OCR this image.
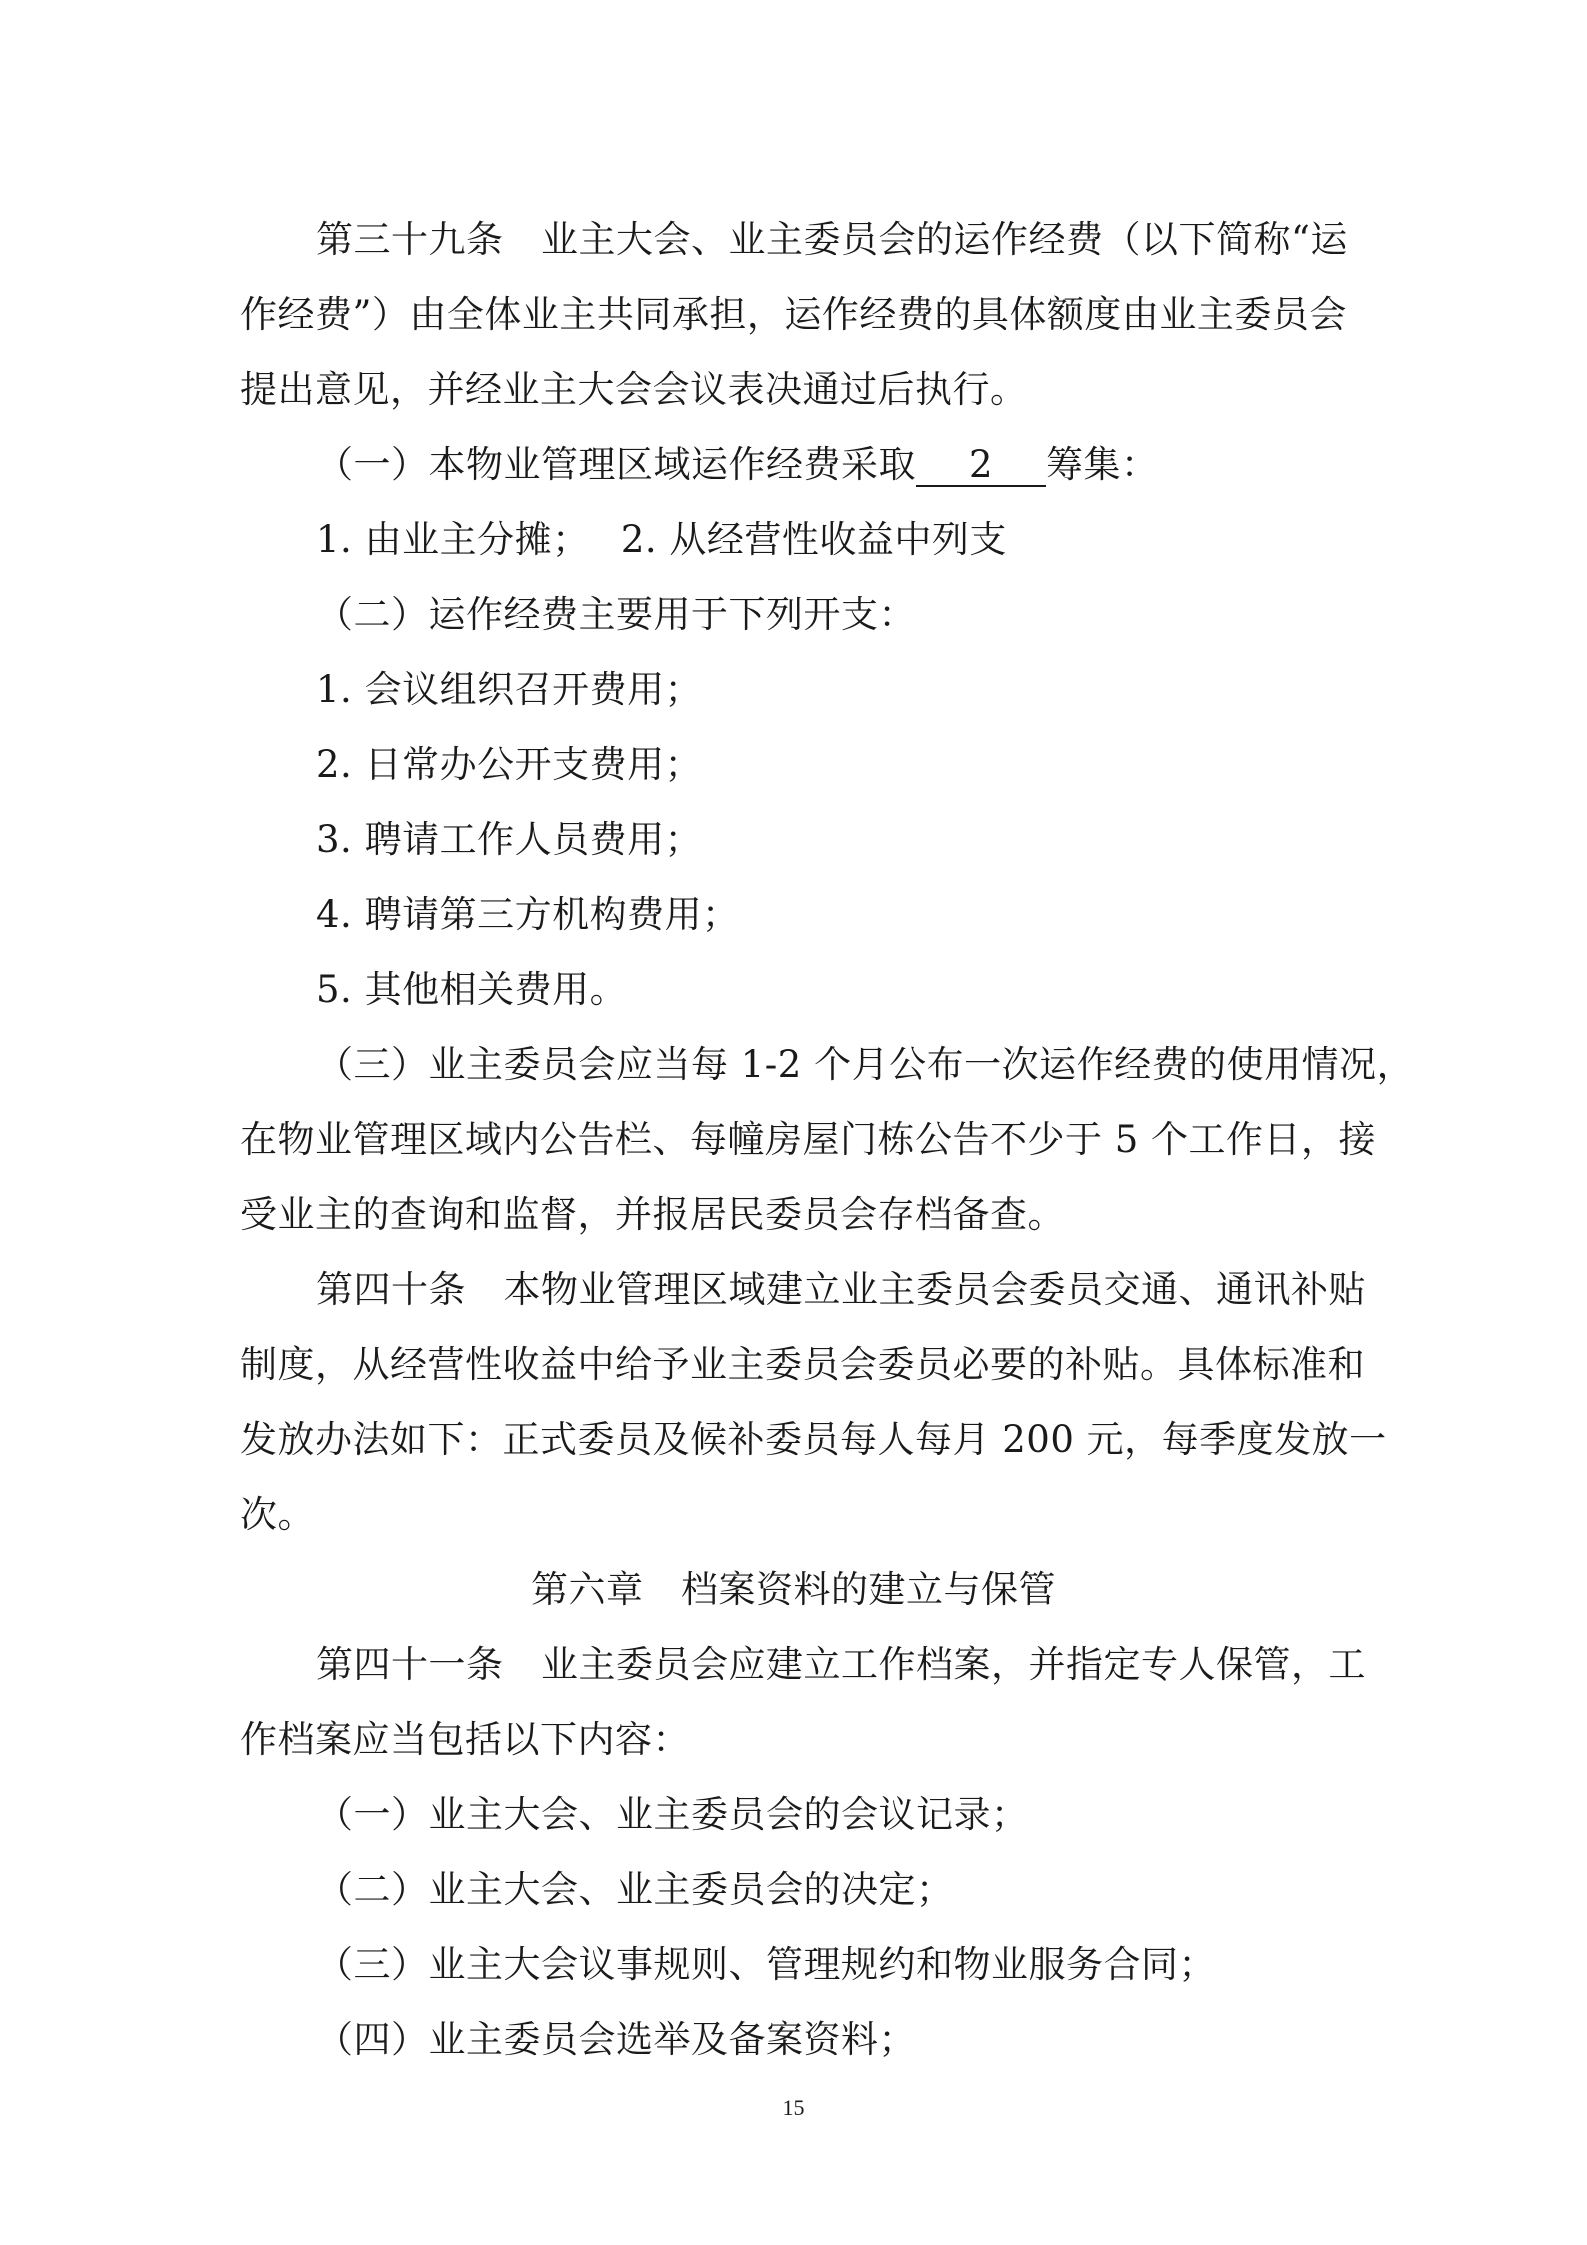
第三十九条　业主大会、业主委员会的运作经费（以下简称“运
作经费”）由全体业主共同承担，运作经费的具体额度由业主委员会
提出意见，并经业主大会会议表决通过后执行。
（一）本物业管理区域运作经费采取 2 筹集：
1. 由业主分摊；　 2. 从经营性收益中列支
（二）运作经费主要用于下列开支：
1. 会议组织召开费用；
2. 日常办公开支费用；
3. 聘请工作人员费用；
4. 聘请第三方机构费用；
5. 其他相关费用。
（三）业主委员会应当每 1-2 个月公布一次运作经费的使用情况，
在物业管理区域内公告栏、每幢房屋门栋公告不少于 5 个工作日，接
受业主的查询和监督，并报居民委员会存档备查。
第四十条　本物业管理区域建立业主委员会委员交通、通讯补贴
制度，从经营性收益中给予业主委员会委员必要的补贴。具体标准和
发放办法如下：正式委员及候补委员每人每月 200 元，每季度发放一
次。
第六章　档案资料的建立与保管
第四十一条　业主委员会应建立工作档案，并指定专人保管，工
作档案应当包括以下内容：
（一）业主大会、业主委员会的会议记录；
（二）业主大会、业主委员会的决定；
（三）业主大会议事规则、管理规约和物业服务合同；
（四）业主委员会选举及备案资料；
15
